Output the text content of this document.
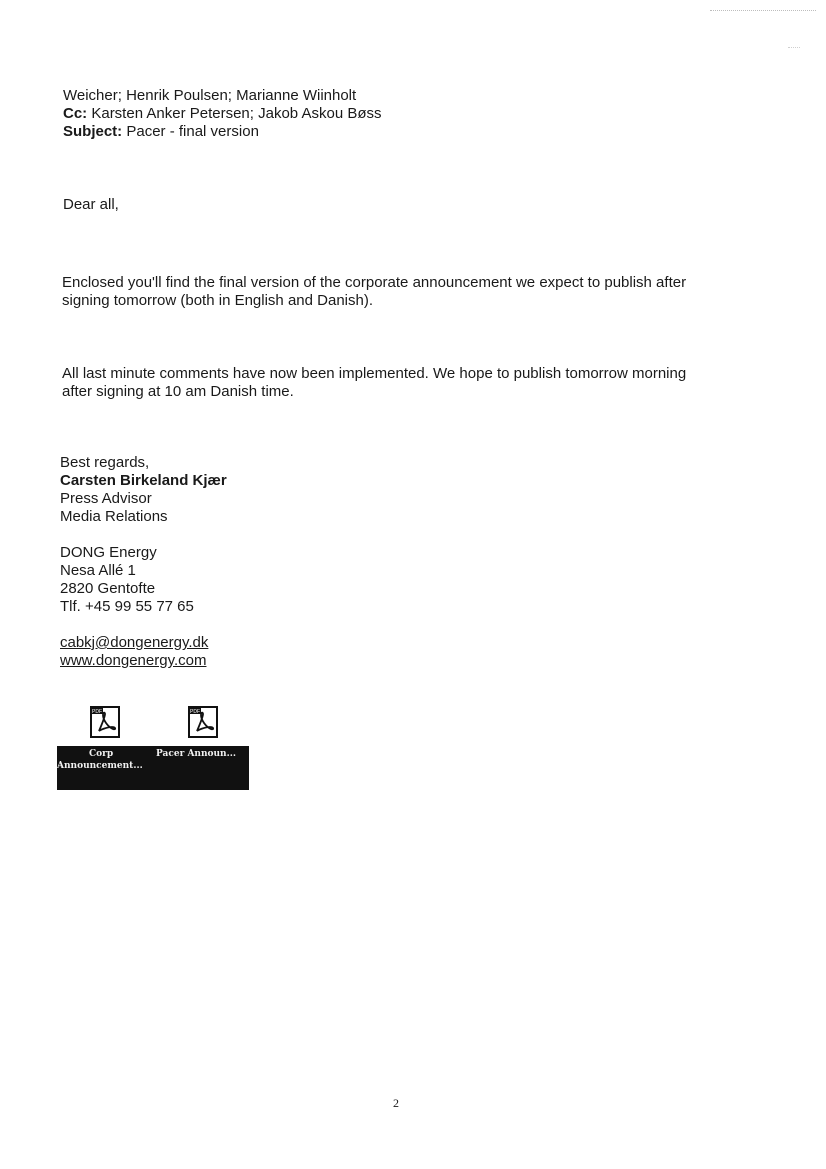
Weicher; Henrik Poulsen; Marianne Wiinholt
Cc: Karsten Anker Petersen; Jakob Askou Bøss
Subject: Pacer - final version
Dear all,
Enclosed you'll find the final version of the corporate announcement we expect to publish after
signing tomorrow (both in English and Danish).
All last minute comments have now been implemented. We hope to publish tomorrow morning
after signing at 10 am Danish time.
Best regards,
Carsten Birkeland Kjær
Press Advisor
Media Relations
DONG Energy
Nesa Allé 1
2820 Gentofte
Tlf. +45 99 55 77 65
cabkj@dongenergy.dk
www.dongenergy.com
PDF	PDF
Corp
Announcement...
Pacer Announ...
2
